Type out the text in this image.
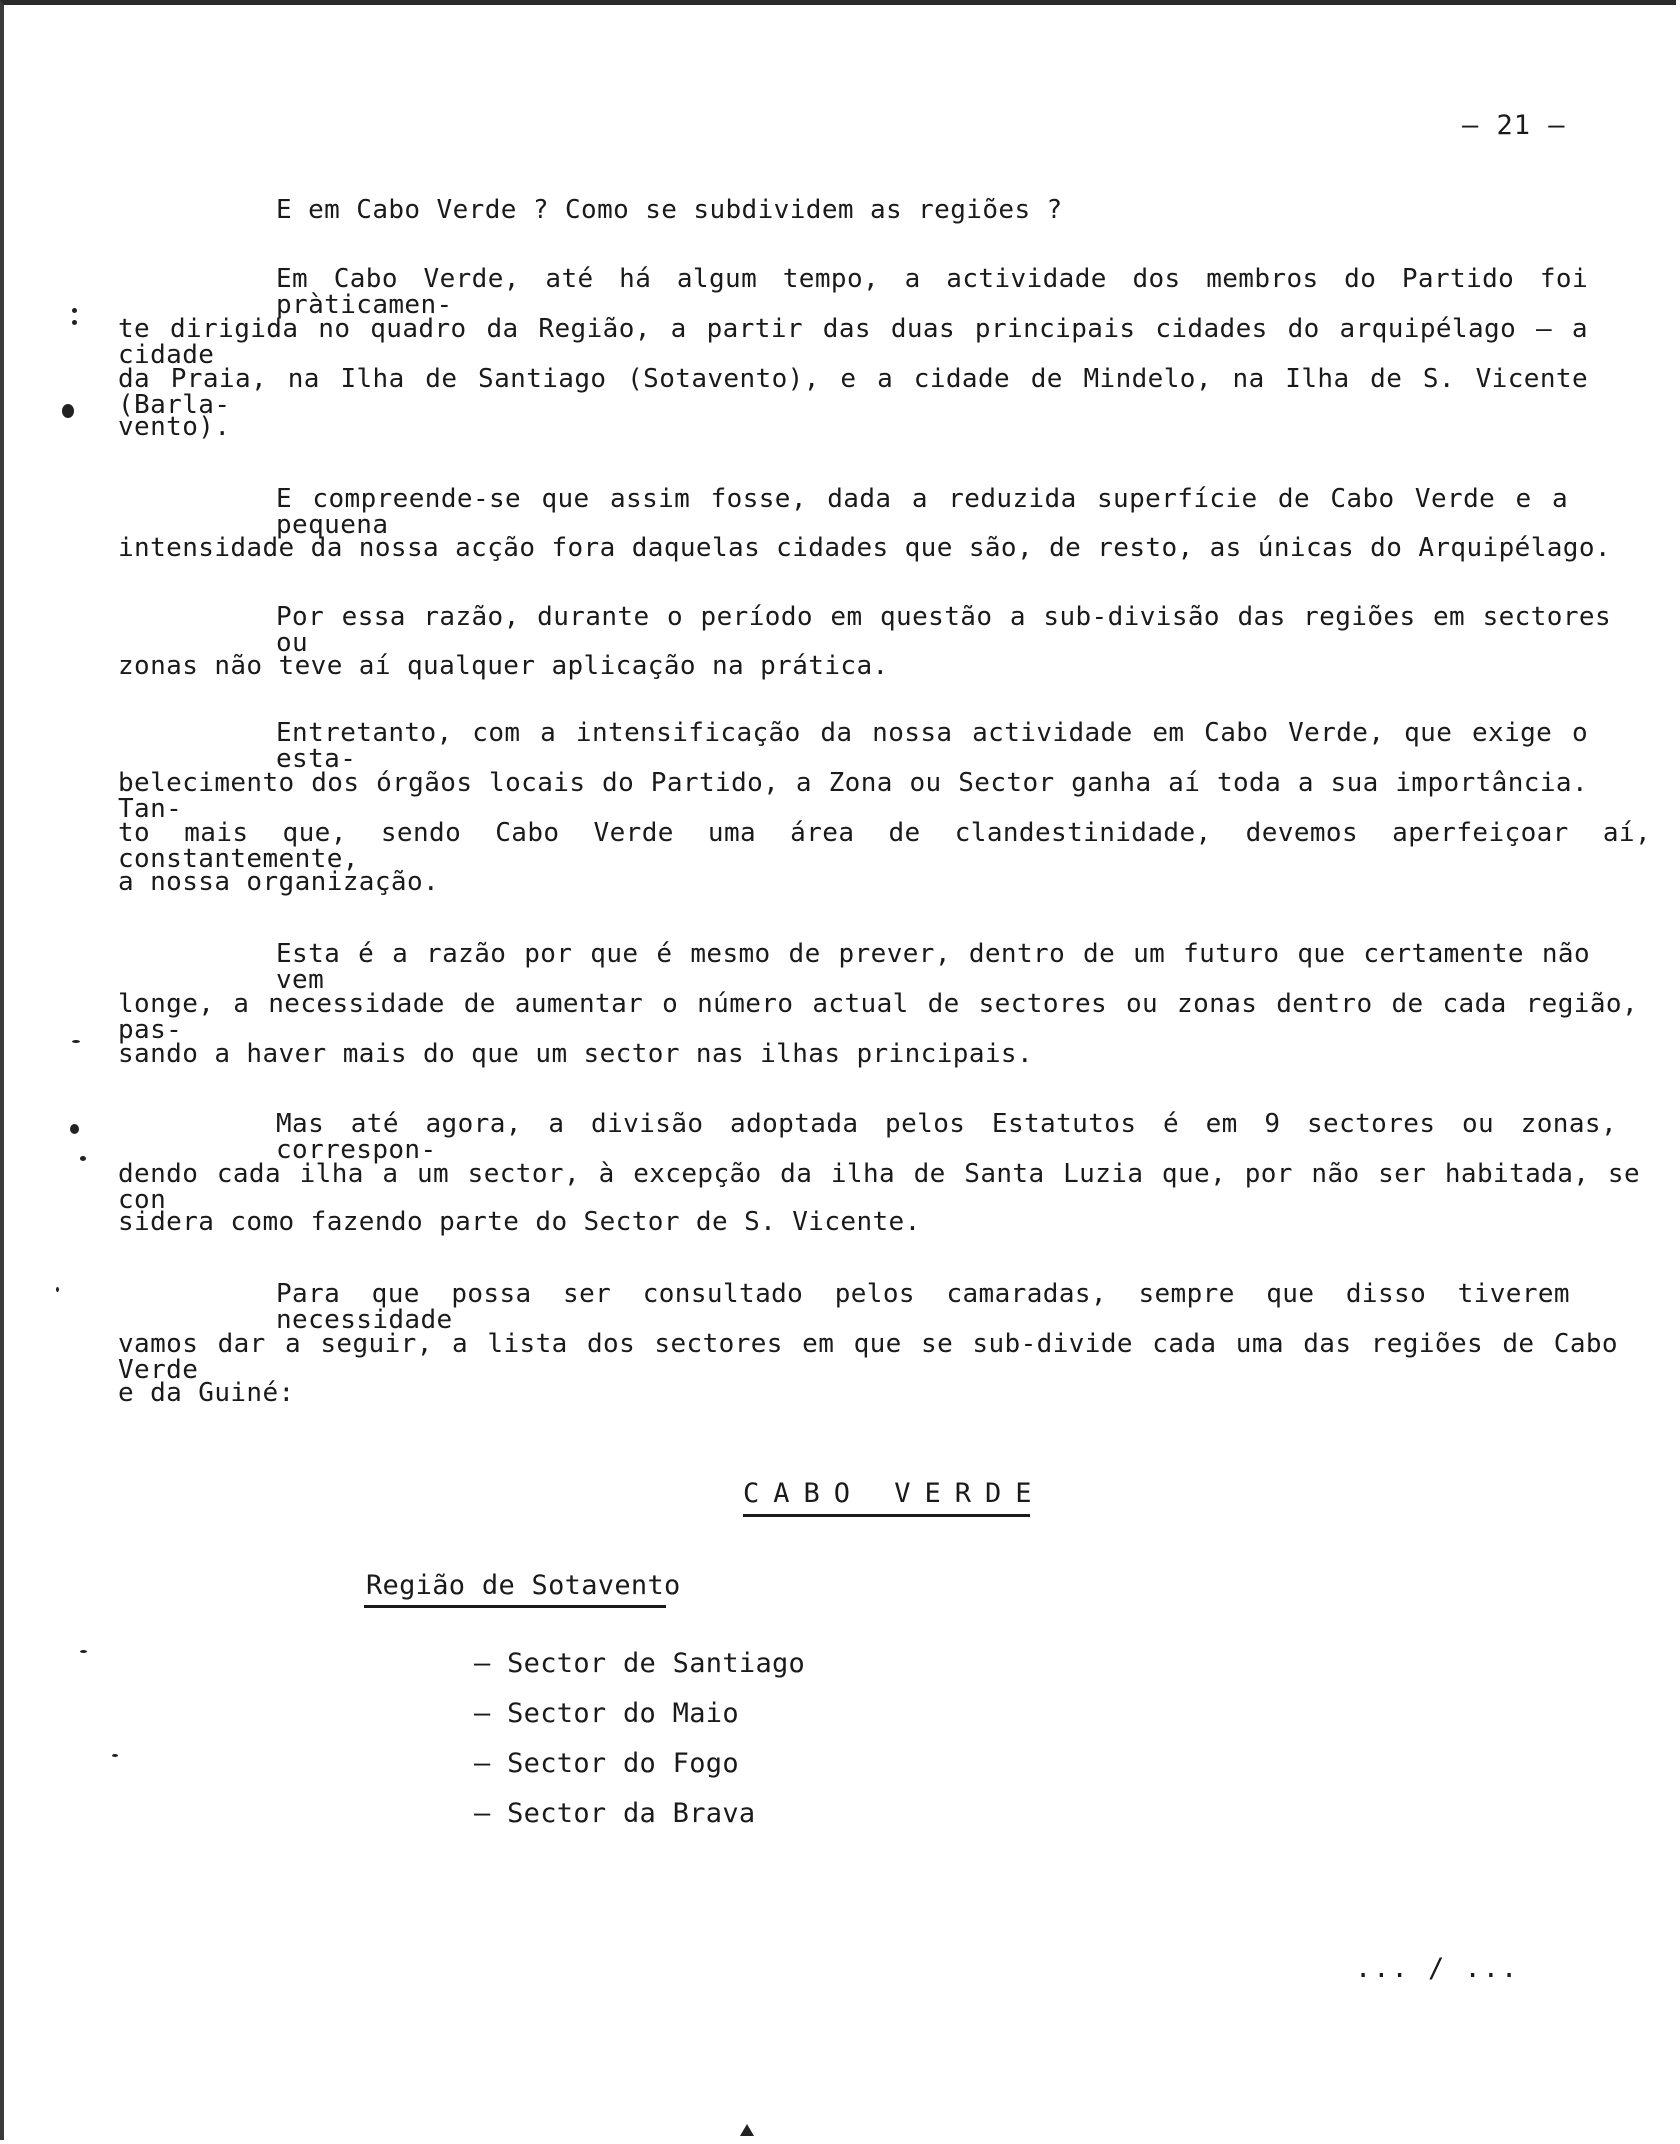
– 21 –
E em Cabo Verde ? Como se subdividem as regiões ?
Em Cabo Verde, até há algum tempo, a actividade dos membros do Partido foi pràticamen-
te dirigida no quadro da Região, a partir das duas principais cidades do arquipélago – a cidade
da Praia, na Ilha de Santiago (Sotavento), e a cidade de Mindelo, na Ilha de S. Vicente (Barla-
vento).
E compreende-se que assim fosse, dada a reduzida superfície de Cabo Verde e a pequena
intensidade da nossa acção fora daquelas cidades que são, de resto, as únicas do Arquipélago.
Por essa razão, durante o período em questão a sub-divisão das regiões em sectores ou
zonas não teve aí qualquer aplicação na prática.
Entretanto, com a intensificação da nossa actividade em Cabo Verde, que exige o esta-
belecimento dos órgãos locais do Partido, a Zona ou Sector ganha aí toda a sua importância. Tan-
to mais que, sendo Cabo Verde uma área de clandestinidade, devemos aperfeiçoar aí, constantemente,
a nossa organização.
Esta é a razão por que é mesmo de prever, dentro de um futuro que certamente não vem
longe, a necessidade de aumentar o número actual de sectores ou zonas dentro de cada região, pas-
sando a haver mais do que um sector nas ilhas principais.
Mas até agora, a divisão adoptada pelos Estatutos é em 9 sectores ou zonas, correspon-
dendo cada ilha a um sector, à excepção da ilha de Santa Luzia que, por não ser habitada, se con
sidera como fazendo parte do Sector de S. Vicente.
Para que possa ser consultado pelos camaradas, sempre que disso tiverem necessidade
vamos dar a seguir, a lista dos sectores em que se sub-divide cada uma das regiões de Cabo Verde
e da Guiné:
CABO VERDE
Região de Sotavento
– Sector de Santiago
– Sector do Maio
– Sector do Fogo
– Sector da Brava
... / ...
